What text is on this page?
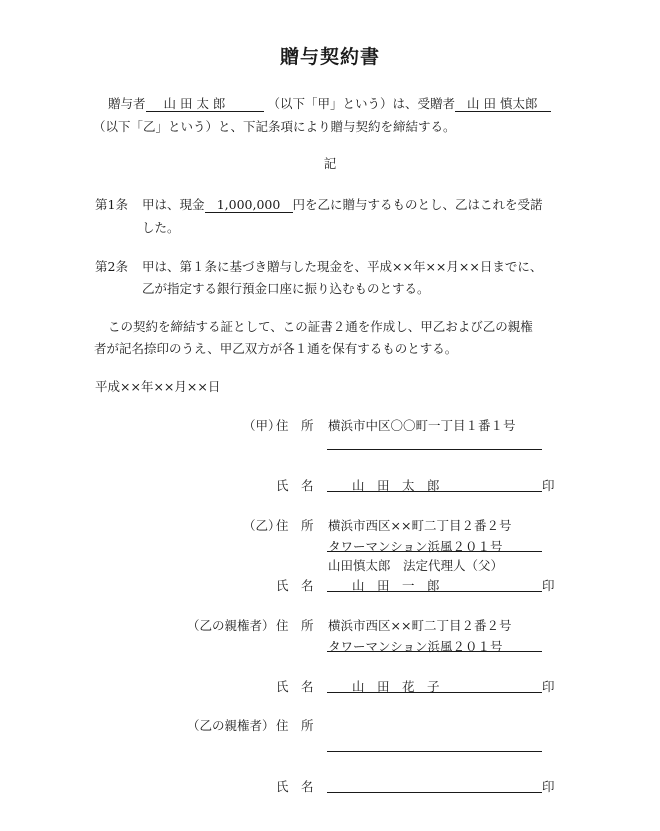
贈与契約書
贈与者 山 田 太 郎	（以下「甲」という）は、受贈者 山 田 慎太郎
（以下「乙」という）と、下記条項により贈与契約を締結する。
記
第1条 甲は、現金 1,000,000 円を乙に贈与するものとし、乙はこれを受諾
した。
第2条 甲は、第１条に基づき贈与した現金を、平成××年××月××日までに、
乙が指定する銀行預金口座に振り込むものとする。
この契約を締結する証として、この証書２通を作成し、甲乙および乙の親権
者が記名捺印のうえ、甲乙双方が各１通を保有するものとする。
平成××年××月××日
（甲）
住　所 横浜市中区〇〇町一丁目１番１号
氏　名	山　田　太　郎	印
（乙）
住　所 横浜市西区××町二丁目２番２号
タワーマンション浜風２０１号
山田慎太郎　法定代理人（父）
氏　名	山　田　一　郎	印
（乙の親権者） 住　所 横浜市西区××町二丁目２番２号
タワーマンション浜風２０１号
氏　名	山　田　花　子	印
（乙の親権者） 住　所
氏　名	印
